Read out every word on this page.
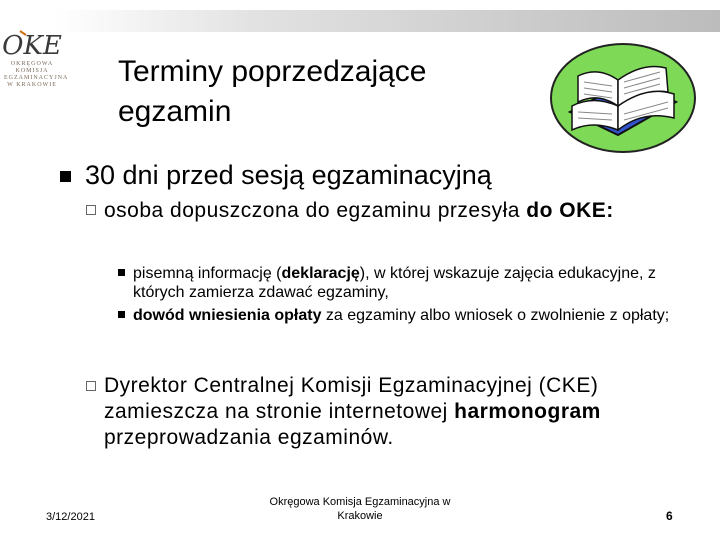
OKE
OKRĘGOWA
KOMISJA
EGZAMINACYJNA
W KRAKOWIE Terminy poprzedzające
egzamin
30 dni przed sesją egzaminacyjną
osoba dopuszczona do egzaminu przesyła do OKE:
pisemną informację (deklarację), w której wskazuje zajęcia edukacyjne, z których zamierza zdawać egzaminy,
dowód wniesienia opłaty za egzaminy albo wniosek o zwolnienie z opłaty;
Dyrektor Centralnej Komisji Egzaminacyjnej (CKE) zamieszcza na stronie internetowej harmonogram przeprowadzania egzaminów.
3/12/2021
Okręgowa Komisja Egzaminacyjna w
Krakowie	6
